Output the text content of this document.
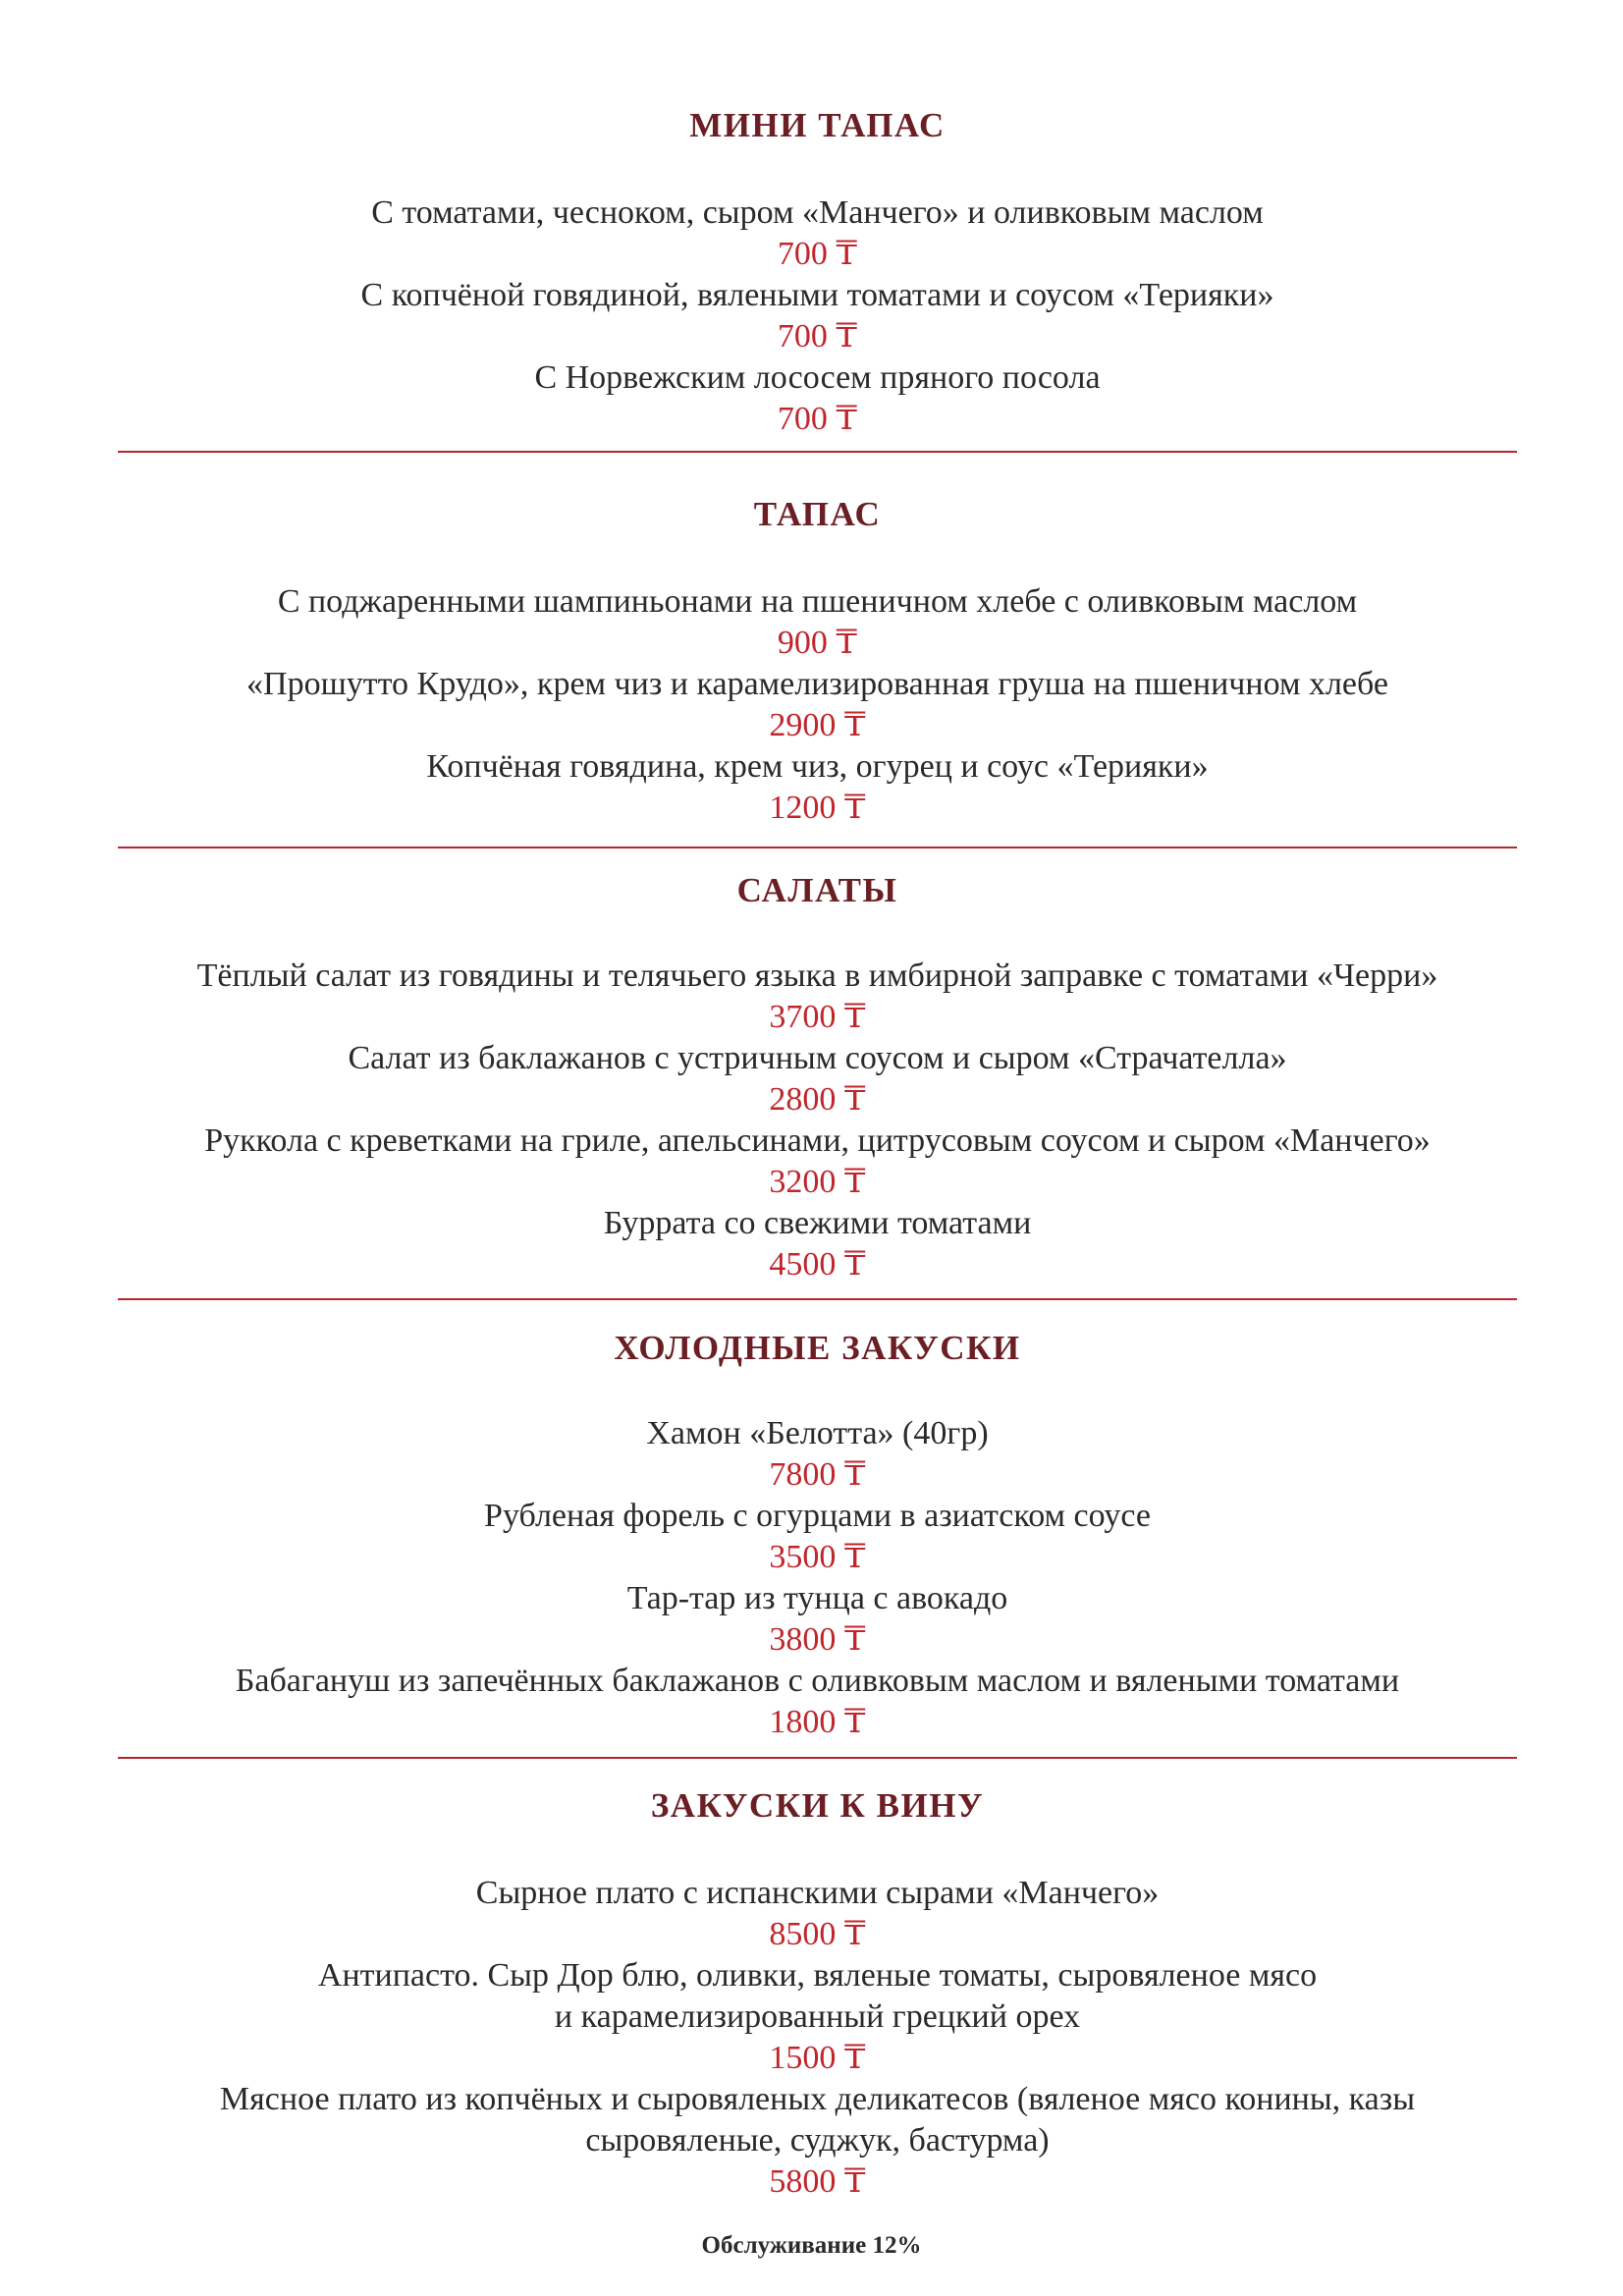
МИНИ ТАПАС
С томатами, чесноком, сыром «Манчего» и оливковым маслом
700 ₸
С копчёной говядиной, вялеными томатами и соусом «Терияки»
700 ₸
С Норвежским лососем пряного посола
700 ₸
ТАПАС
С поджаренными шампиньонами на пшеничном хлебе с оливковым маслом
900 ₸
«Прошутто Крудо», крем чиз и карамелизированная груша на пшеничном хлебе
2900 ₸
Копчёная говядина, крем чиз, огурец и соус «Терияки»
1200 ₸
САЛАТЫ
Тёплый салат из говядины и телячьего языка в имбирной заправке с томатами «Черри»
3700 ₸
Салат из баклажанов с устричным соусом и сыром «Страчателла»
2800 ₸
Руккола с креветками на гриле, апельсинами, цитрусовым соусом и сыром «Манчего»
3200 ₸
Буррата со свежими томатами
4500 ₸
ХОЛОДНЫЕ ЗАКУСКИ
Хамон «Белотта» (40гр)
7800 ₸
Рубленая форель с огурцами в азиатском соусе
3500 ₸
Тар-тар из тунца с авокадо
3800 ₸
Бабагануш из запечённых баклажанов с оливковым маслом и вялеными томатами
1800 ₸
ЗАКУСКИ К ВИНУ
Сырное плато с испанскими сырами «Манчего»
8500 ₸
Антипасто. Сыр Дор блю, оливки, вяленые томаты, сыровяленое мясо
и карамелизированный грецкий орех
1500 ₸
Мясное плато из копчёных и сыровяленых деликатесов (вяленое мясо конины, казы
сыровяленые, суджук, бастурма)
5800 ₸
Обслуживание 12%
